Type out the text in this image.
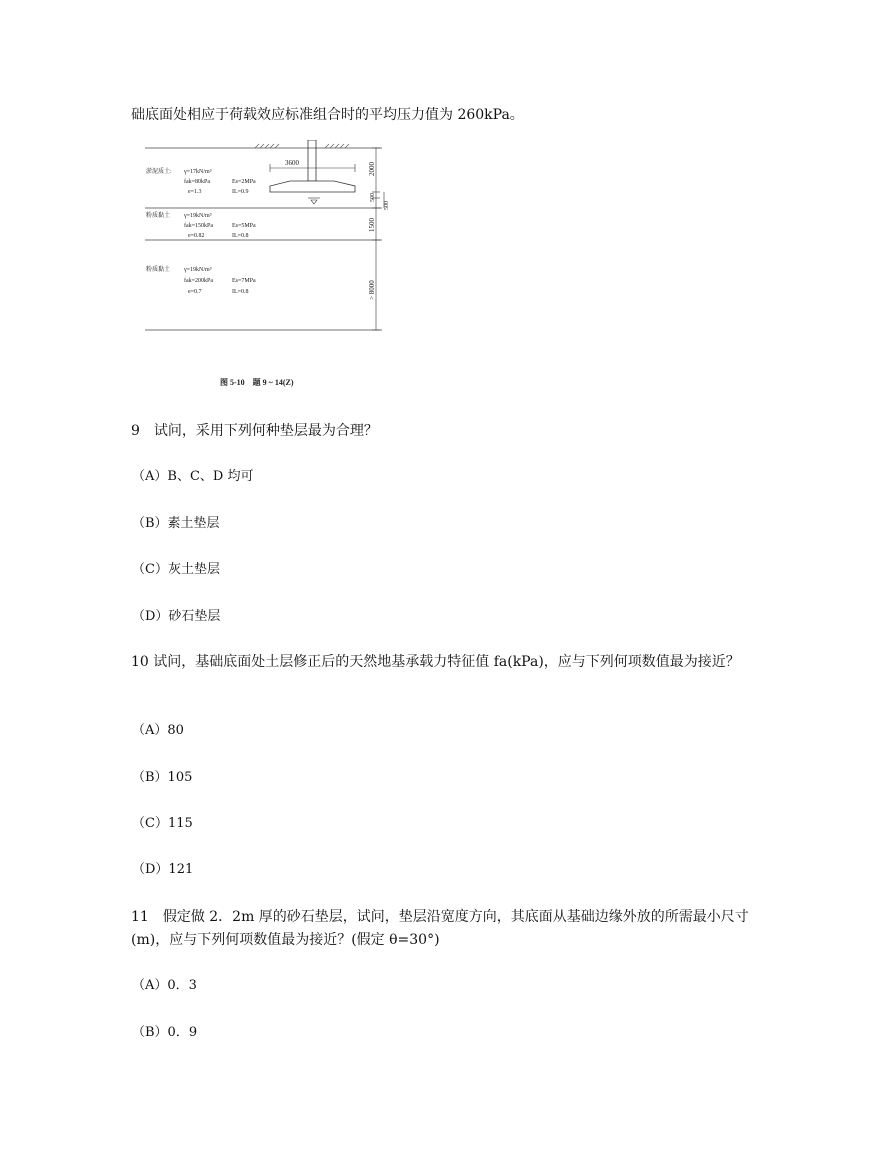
础底面处相应于荷载效应标准组合时的平均压力值为 260kPa。
3600	2000
500
500
1500
> 8000
淤泥质土: γ=17kN/m³
fak=80kPa	Es=2MPa
e=1.3	IL=0.9
粉质黏土 γ=19kN/m³
fak=150kPa	Es=5MPa
e=0.82	IL=0.8
粉质黏土 γ=19kN/m³
fak=200kPa	Es=7MPa
e=0.7	IL=0.8
图 5-10　题 9 ~ 14(Z)
9　试问，采用下列何种垫层最为合理？
（A）B、C、D 均可
（B）素土垫层
（C）灰土垫层
（D）砂石垫层
10 试问，基础底面处土层修正后的天然地基承载力特征值 fa(kPa)，应与下列何项数值最为接近？
（A）80
（B）105
（C）115
（D）121
11　假定做 2．2m 厚的砂石垫层，试问，垫层沿宽度方向，其底面从基础边缘外放的所需最小尺寸(m)，应与下列何项数值最为接近？(假定 θ=30°)
（A）0．3
（B）0．9
